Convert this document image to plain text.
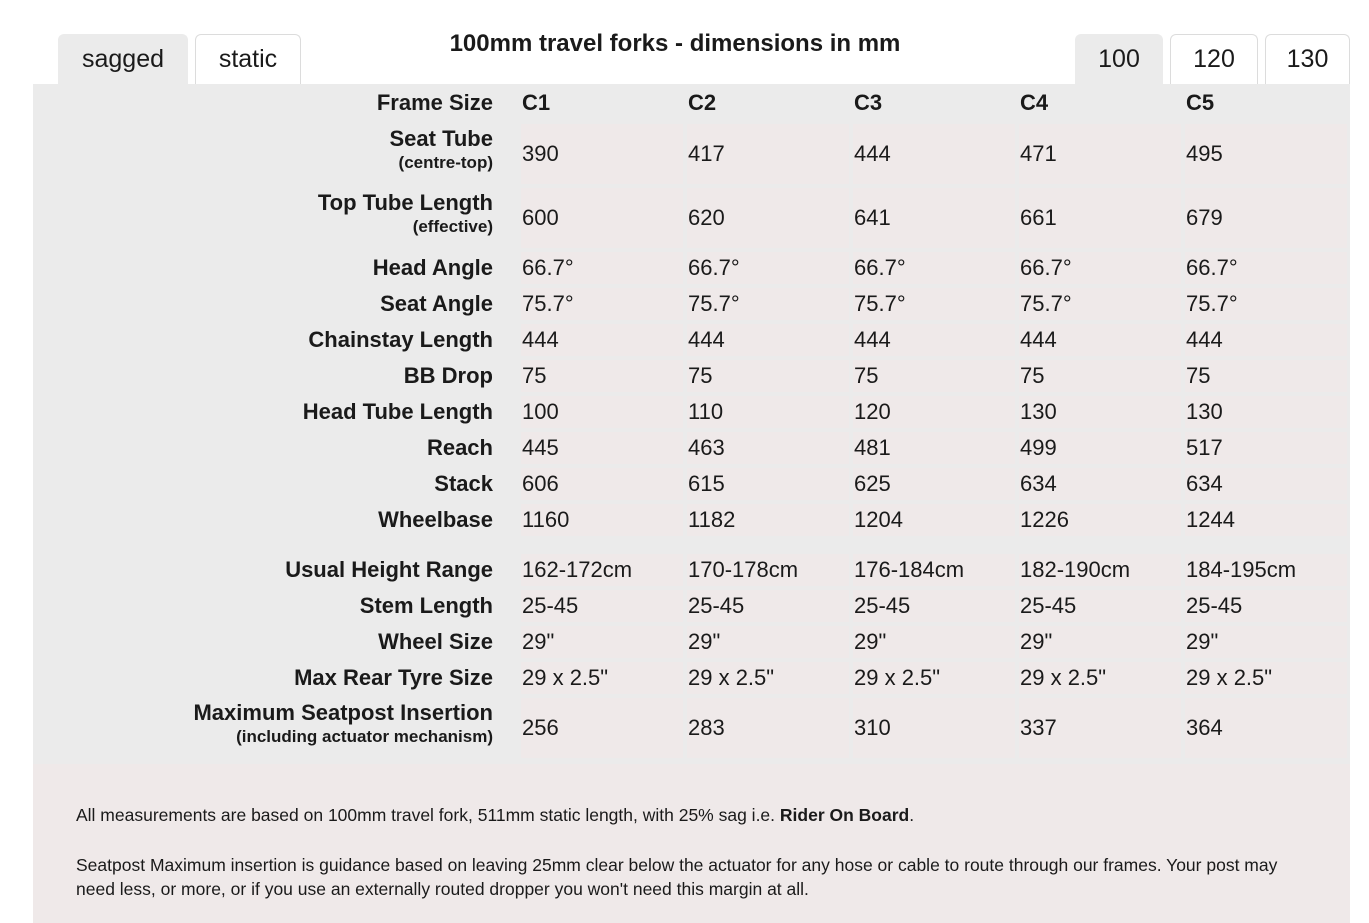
sagged	static
100mm travel forks - dimensions in mm
100	120	130
Frame Size C1	C2	C3	C4	C5
Seat Tube
(centre-top) 390	417	444	471	495
Top Tube Length
(effective) 600	620	641	661	679
Head Angle 66.7°	66.7°	66.7°	66.7°	66.7°
Seat Angle 75.7°	75.7°	75.7°	75.7°	75.7°
Chainstay Length 444	444	444	444	444
BB Drop 75	75	75	75	75
Head Tube Length 100	110	120	130	130
Reach 445	463	481	499	517
Stack 606	615	625	634	634
Wheelbase 1160	1182	1204	1226	1244
Usual Height Range 162-172cm	170-178cm	176-184cm	182-190cm	184-195cm
Stem Length 25-45	25-45	25-45	25-45	25-45
Wheel Size 29"	29"	29"	29"	29"
Max Rear Tyre Size 29 x 2.5"	29 x 2.5"	29 x 2.5"	29 x 2.5"	29 x 2.5"
Maximum Seatpost Insertion
(including actuator mechanism) 256	283	310	337	364
All measurements are based on 100mm travel fork, 511mm static length, with 25% sag i.e. Rider On Board.
Seatpost Maximum insertion is guidance based on leaving 25mm clear below the actuator for any hose or cable to route through our frames. Your post may need less, or more, or if you use an externally routed dropper you won't need this margin at all.
